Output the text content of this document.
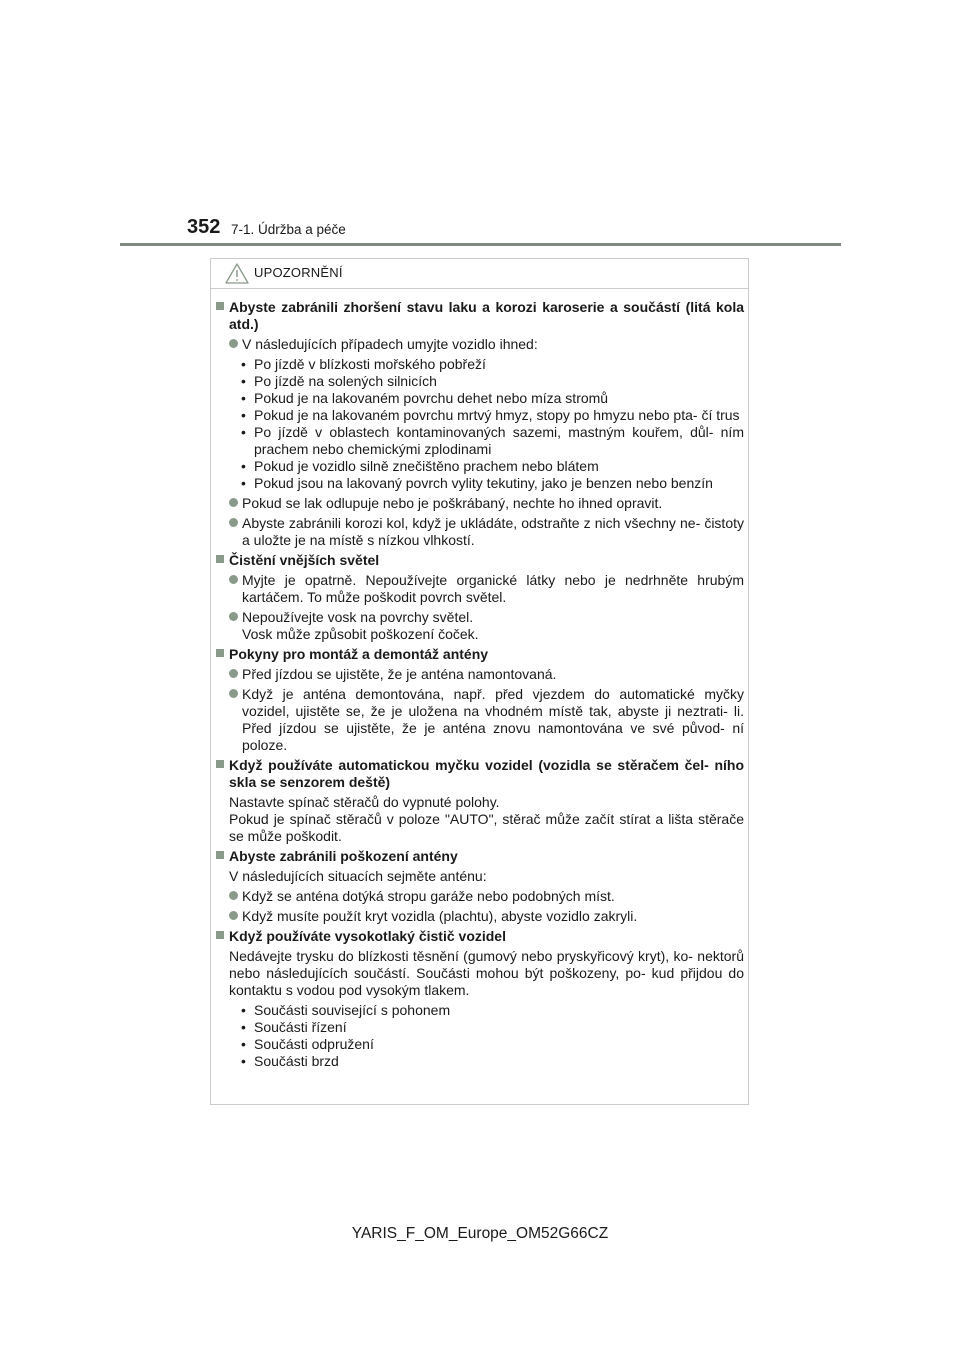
352 7-1. Údržba a péče
UPOZORNĚNÍ
Abyste zabránili zhoršení stavu laku a korozi karoserie a součástí (litá kola atd.)
V následujících případech umyjte vozidlo ihned:
• Po jízdě v blízkosti mořského pobřeží
• Po jízdě na solených silnicích
• Pokud je na lakovaném povrchu dehet nebo míza stromů
• Pokud je na lakovaném povrchu mrtvý hmyz, stopy po hmyzu nebo pta- čí trus
• Po jízdě v oblastech kontaminovaných sazemi, mastným kouřem, důl- ním prachem nebo chemickými zplodinami
• Pokud je vozidlo silně znečištěno prachem nebo blátem
• Pokud jsou na lakovaný povrch vylity tekutiny, jako je benzen nebo benzín
Pokud se lak odlupuje nebo je poškrábaný, nechte ho ihned opravit.
Abyste zabránili korozi kol, když je ukládáte, odstraňte z nich všechny ne- čistoty a uložte je na místě s nízkou vlhkostí.
Čistění vnějších světel
Myjte je opatrně. Nepoužívejte organické látky nebo je nedrhněte hrubým kartáčem. To může poškodit povrch světel.
Nepoužívejte vosk na povrchy světel.
Vosk může způsobit poškození čoček.
Pokyny pro montáž a demontáž antény
Před jízdou se ujistěte, že je anténa namontovaná.
Když je anténa demontována, např. před vjezdem do automatické myčky vozidel, ujistěte se, že je uložena na vhodném místě tak, abyste ji neztrati- li. Před jízdou se ujistěte, že je anténa znovu namontována ve své původ- ní poloze.
Když používáte automatickou myčku vozidel (vozidla se stěračem čel- ního skla se senzorem deště)

Nastavte spínač stěračů do vypnuté polohy.

Pokud je spínač stěračů v poloze "AUTO", stěrač může začít stírat a lišta stěrače se může poškodit.

Abyste zabránili poškození antény

V následujících situacích sejměte anténu:

Když se anténa dotýká stropu garáže nebo podobných míst.
Když musíte použít kryt vozidla (plachtu), abyste vozidlo zakryli.
Když používáte vysokotlaký čistič vozidel

Nedávejte trysku do blízkosti těsnění (gumový nebo pryskyřicový kryt), ko- nektorů nebo následujících součástí. Součásti mohou být poškozeny, po- kud přijdou do kontaktu s vodou pod vysokým tlakem.

• Součásti související s pohonem
• Součásti řízení
• Součásti odpružení
• Součásti brzd
YARIS_F_OM_Europe_OM52G66CZ
